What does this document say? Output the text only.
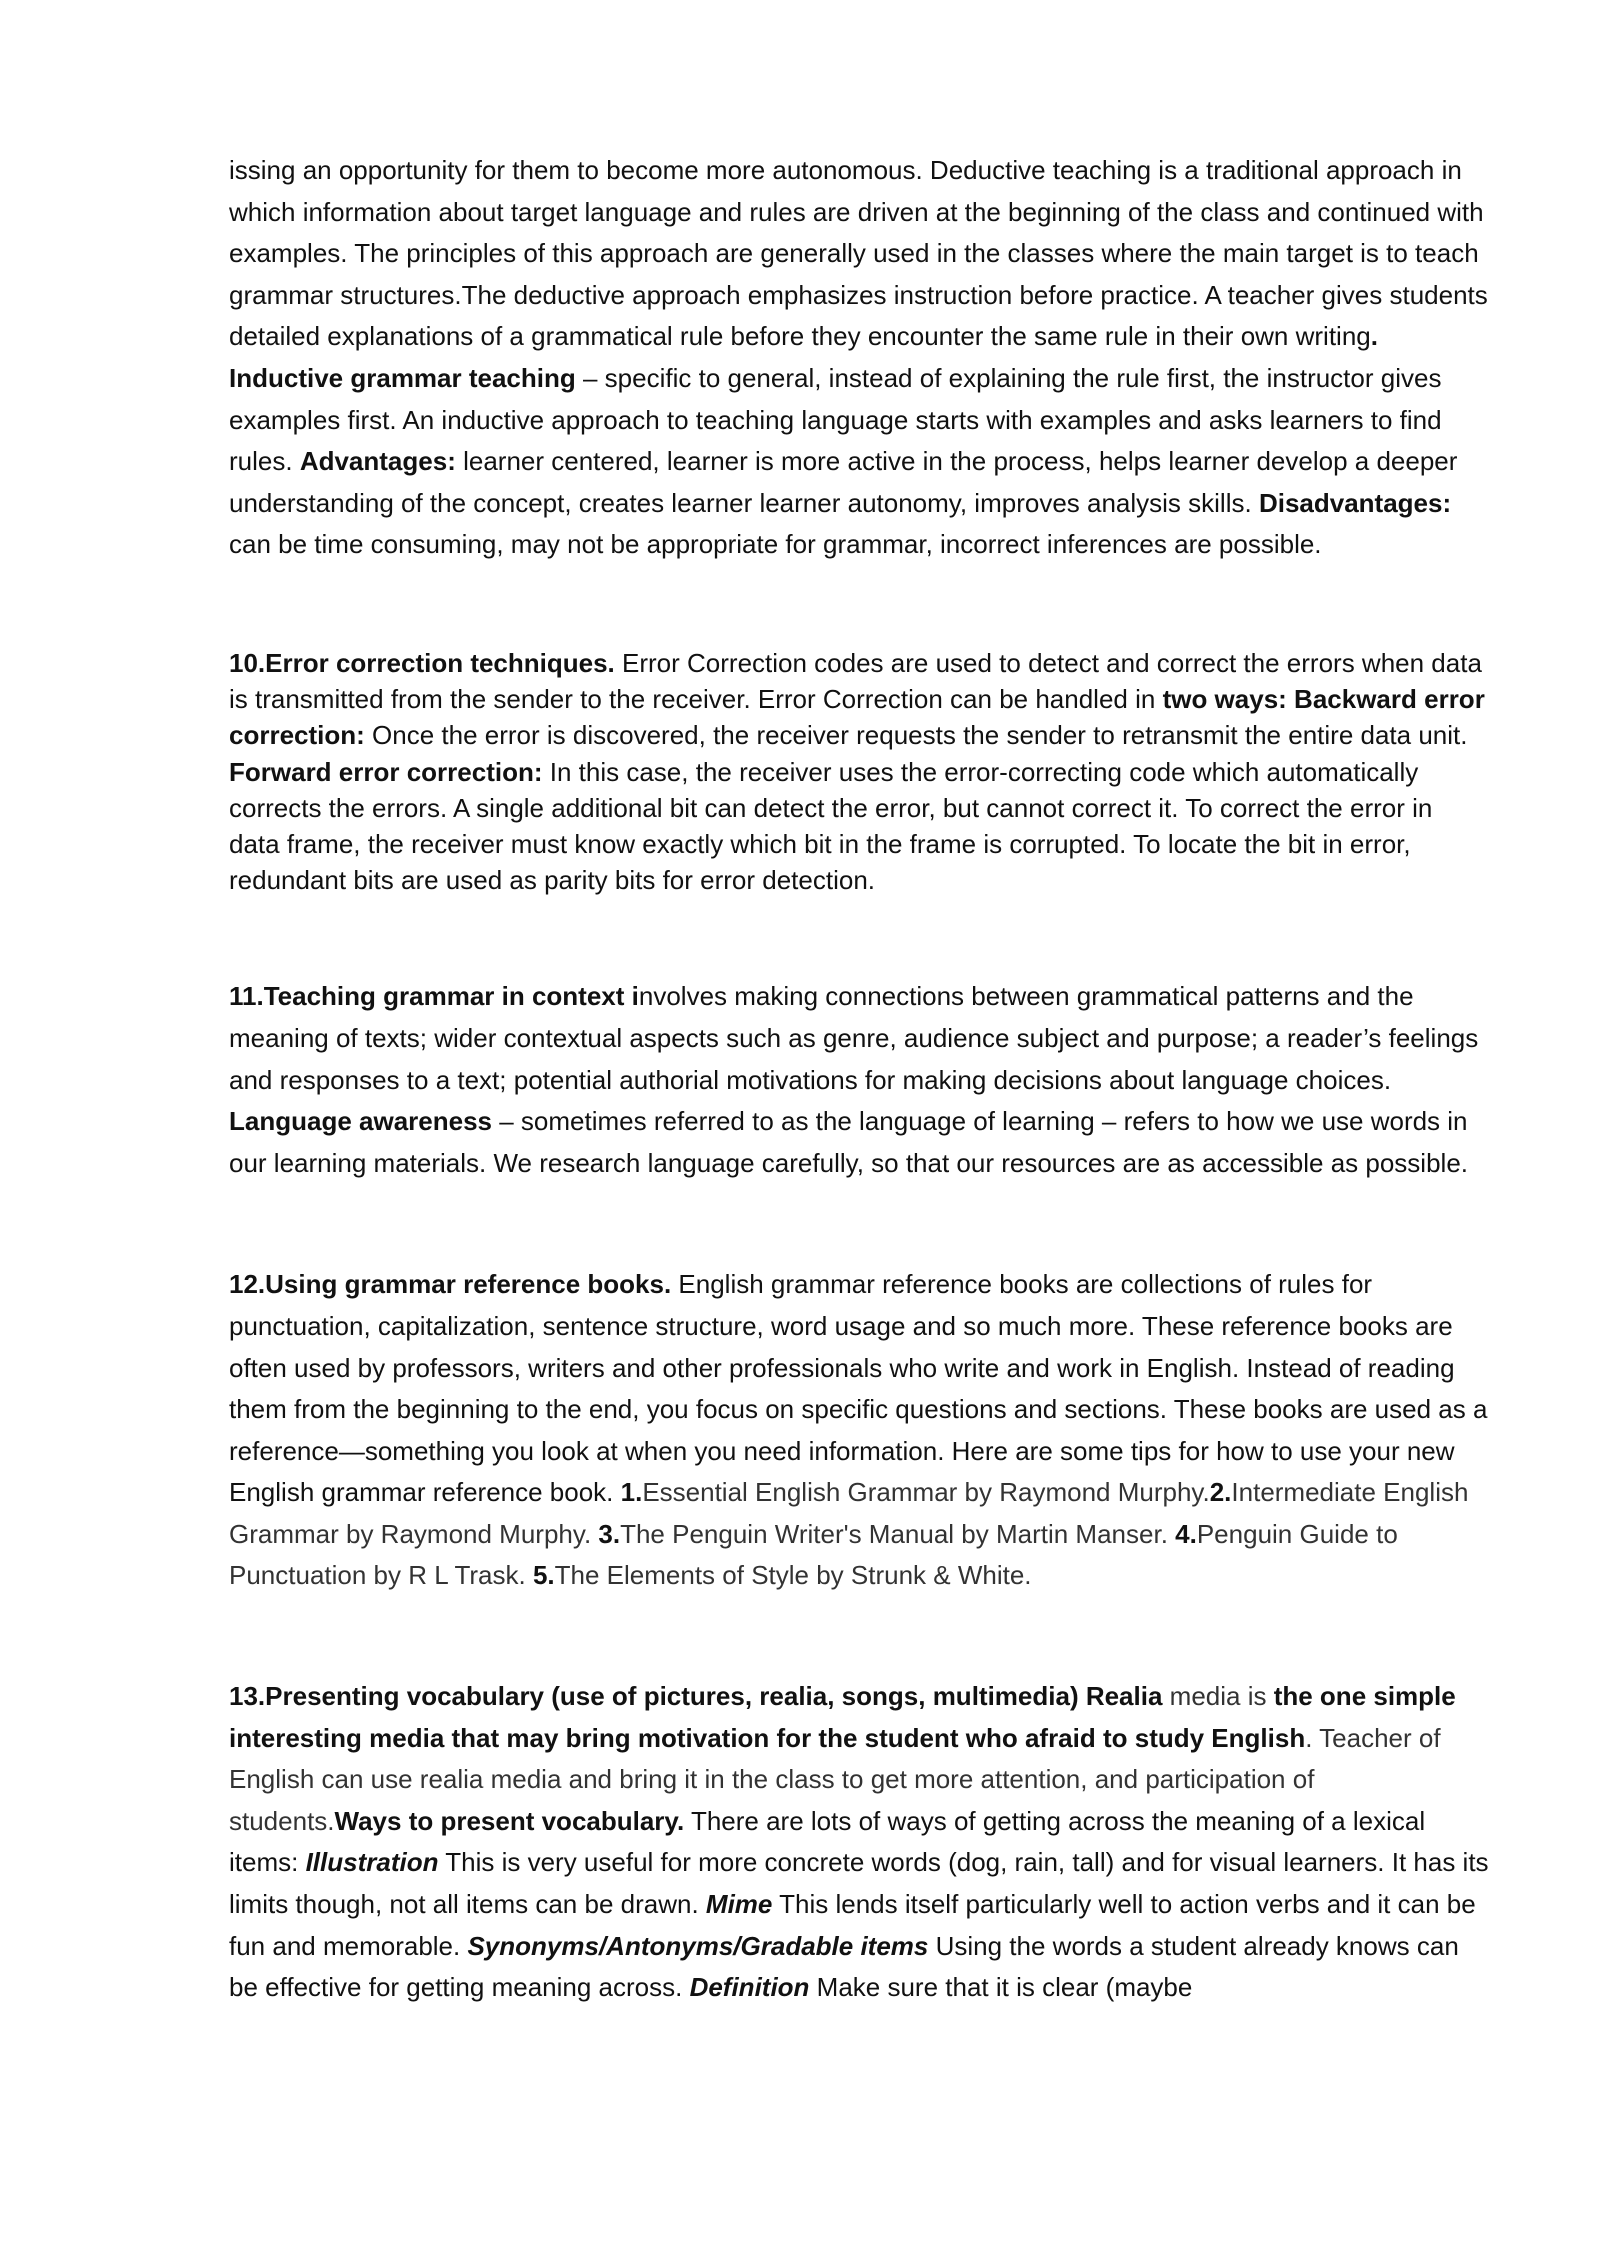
issing an opportunity for them to become more autonomous. Deductive teaching is a traditional approach in which information about target language and rules are driven at the beginning of the class and continued with examples. The principles of this approach are generally used in the classes where the main target is to teach grammar structures.The deductive approach emphasizes instruction before practice. A teacher gives students detailed explanations of a grammatical rule before they encounter the same rule in their own writing. Inductive grammar teaching – specific to general, instead of explaining the rule first, the instructor gives examples first. An inductive approach to teaching language starts with examples and asks learners to find rules. Advantages: learner centered, learner is more active in the process, helps learner develop a deeper understanding of the concept, creates learner learner autonomy, improves analysis skills. Disadvantages: can be time consuming, may not be appropriate for grammar, incorrect inferences are possible.

10.Error correction techniques. Error Correction codes are used to detect and correct the errors when data is transmitted from the sender to the receiver. Error Correction can be handled in two ways: Backward error correction: Once the error is discovered, the receiver requests the sender to retransmit the entire data unit. Forward error correction: In this case, the receiver uses the error-correcting code which automatically corrects the errors. A single additional bit can detect the error, but cannot correct it. To correct the error in data frame, the receiver must know exactly which bit in the frame is corrupted. To locate the bit in error, redundant bits are used as parity bits for error detection.

11.Teaching grammar in context involves making connections between grammatical patterns and the meaning of texts; wider contextual aspects such as genre, audience subject and purpose; a reader’s feelings and responses to a text; potential authorial motivations for making decisions about language choices. Language awareness – sometimes referred to as the language of learning – refers to how we use words in our learning materials. We research language carefully, so that our resources are as accessible as possible.

12.Using grammar reference books. English grammar reference books are collections of rules for punctuation, capitalization, sentence structure, word usage and so much more. These reference books are often used by professors, writers and other professionals who write and work in English. Instead of reading them from the beginning to the end, you focus on specific questions and sections. These books are used as a reference—something you look at when you need information. Here are some tips for how to use your new English grammar reference book. 1.Essential English Grammar by Raymond Murphy.2.Intermediate English Grammar by Raymond Murphy. 3.The Penguin Writer's Manual by Martin Manser. 4.Penguin Guide to Punctuation by R L Trask. 5.The Elements of Style by Strunk & White.

13.Presenting vocabulary (use of pictures, realia, songs, multimedia) Realia media is the one simple interesting media that may bring motivation for the student who afraid to study English. Teacher of English can use realia media and bring it in the class to get more attention, and participation of students.Ways to present vocabulary. There are lots of ways of getting across the meaning of a lexical items: Illustration This is very useful for more concrete words (dog, rain, tall) and for visual learners. It has its limits though, not all items can be drawn. Mime This lends itself particularly well to action verbs and it can be fun and memorable. Synonyms/Antonyms/Gradable items Using the words a student already knows can be effective for getting meaning across. Definition Make sure that it is clear (maybe
